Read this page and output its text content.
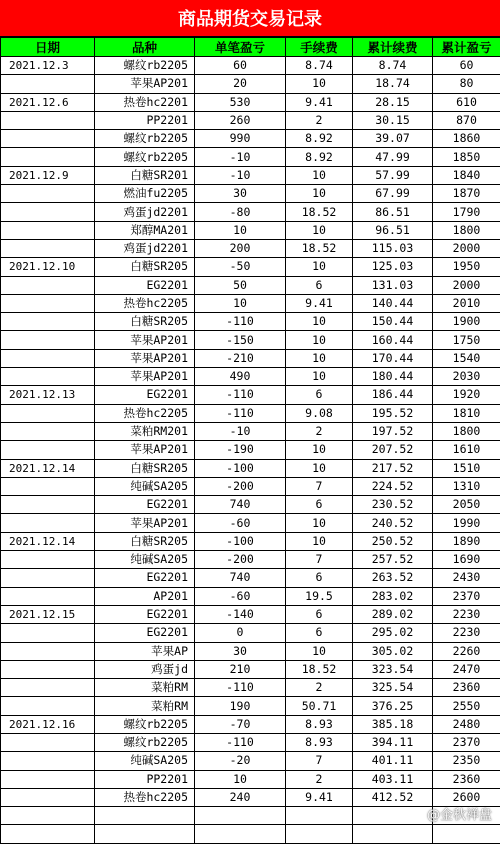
商品期货交易记录
日期	品种	单笔盈亏	手续费	累计续费	累计盈亏
2021.12.3	螺纹rb2205	60	8.74	8.74	60
	苹果AP201	20	10	18.74	80
2021.12.6	热卷hc2201	530	9.41	28.15	610
	PP2201	260	2	30.15	870
	螺纹rb2205	990	8.92	39.07	1860
	螺纹rb2205	-10	8.92	47.99	1850
2021.12.9	白糖SR201	-10	10	57.99	1840
	燃油fu2205	30	10	67.99	1870
	鸡蛋jd2201	-80	18.52	86.51	1790
	郑醇MA201	10	10	96.51	1800
	鸡蛋jd2201	200	18.52	115.03	2000
2021.12.10	白糖SR205	-50	10	125.03	1950
	EG2201	50	6	131.03	2000
	热卷hc2205	10	9.41	140.44	2010
	白糖SR205	-110	10	150.44	1900
	苹果AP201	-150	10	160.44	1750
	苹果AP201	-210	10	170.44	1540
	苹果AP201	490	10	180.44	2030
2021.12.13	EG2201	-110	6	186.44	1920
	热卷hc2205	-110	9.08	195.52	1810
	菜粕RM201	-10	2	197.52	1800
	苹果AP201	-190	10	207.52	1610
2021.12.14	白糖SR205	-100	10	217.52	1510
	纯碱SA205	-200	7	224.52	1310
	EG2201	740	6	230.52	2050
	苹果AP201	-60	10	240.52	1990
2021.12.14	白糖SR205	-100	10	250.52	1890
	纯碱SA205	-200	7	257.52	1690
	EG2201	740	6	263.52	2430
	AP201	-60	19.5	283.02	2370
2021.12.15	EG2201	-140	6	289.02	2230
	EG2201	0	6	295.02	2230
	苹果AP	30	10	305.02	2260
	鸡蛋jd	210	18.52	323.54	2470
	菜粕RM	-110	2	325.54	2360
	菜粕RM	190	50.71	376.25	2550
2021.12.16	螺纹rb2205	-70	8.93	385.18	2480
	螺纹rb2205	-110	8.93	394.11	2370
	纯碱SA205	-20	7	401.11	2350
	PP2201	10	2	403.11	2360
	热卷hc2205	240	9.41	412.52	2600

@金秋禅盘
